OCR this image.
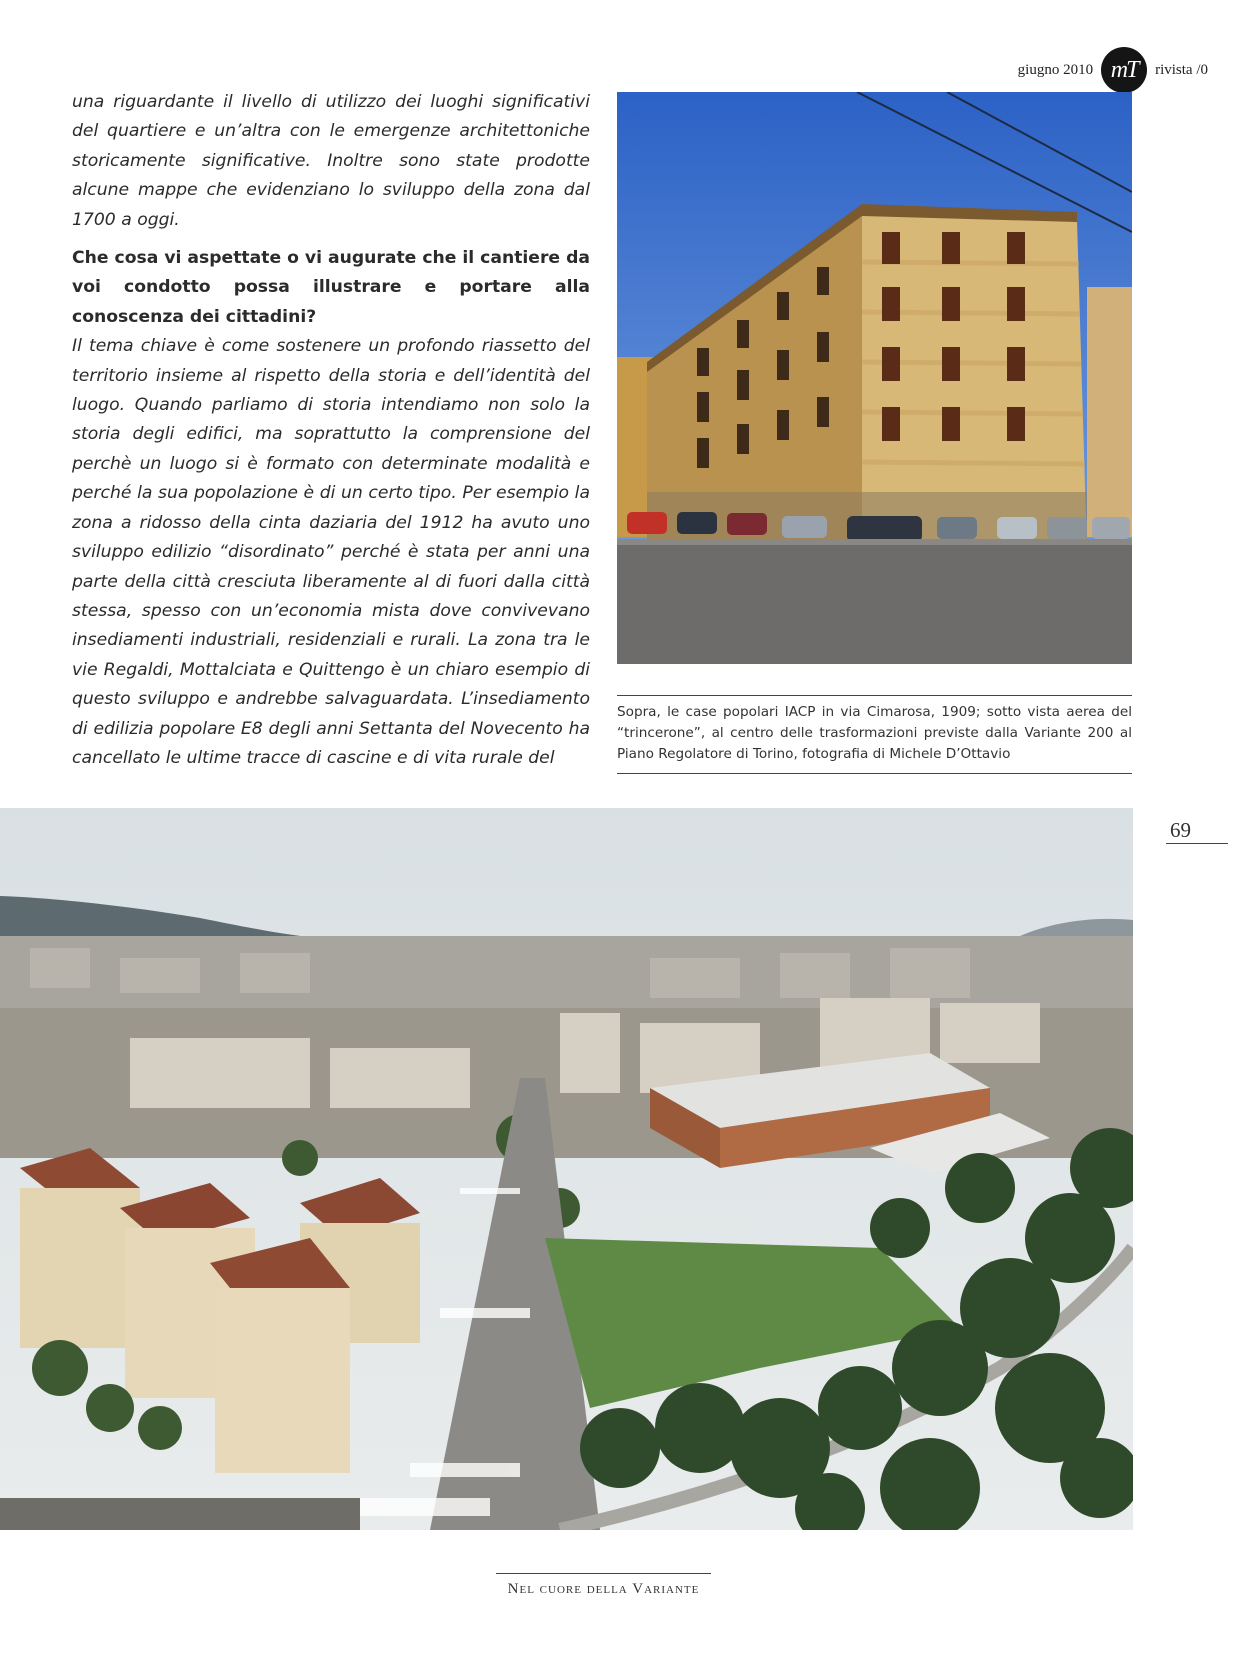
giugno 2010 mT rivista /0

una riguardante il livello di utilizzo dei luoghi significativi del quartiere e un’altra con le emergenze architettoniche storicamente significative. Inoltre sono state prodotte alcune mappe che evidenziano lo sviluppo della zona dal 1700 a oggi.

Che cosa vi aspettate o vi augurate che il cantiere da voi condotto possa illustrare e portare alla conoscenza dei cittadini?

Il tema chiave è come sostenere un profondo riassetto del territorio insieme al rispetto della storia e dell’identità del luogo. Quando parliamo di storia intendiamo non solo la storia degli edifici, ma soprattutto la comprensione del perchè un luogo si è formato con determinate modalità e perché la sua popolazione è di un certo tipo. Per esempio la zona a ridosso della cinta daziaria del 1912 ha avuto uno sviluppo edilizio “disordinato” perché è stata per anni una parte della città cresciuta liberamente al di fuori dalla città stessa, spesso con un’economia mista dove convivevano insediamenti industriali, residenziali e rurali. La zona tra le vie Regaldi, Mottalciata e Quittengo è un chiaro esempio di questo sviluppo e andrebbe salvaguardata. L’insediamento di edilizia popolare E8 degli anni Settanta del Novecento ha cancellato le ultime tracce di cascine e di vita rurale del

Sopra, le case popolari IACP in via Cimarosa, 1909; sotto vista aerea del “trincerone”, al centro delle trasformazioni previste dalla Variante 200 al Piano Regolatore di Torino, fotografia di Michele D’Ottavio
69
Nel cuore della Variante
